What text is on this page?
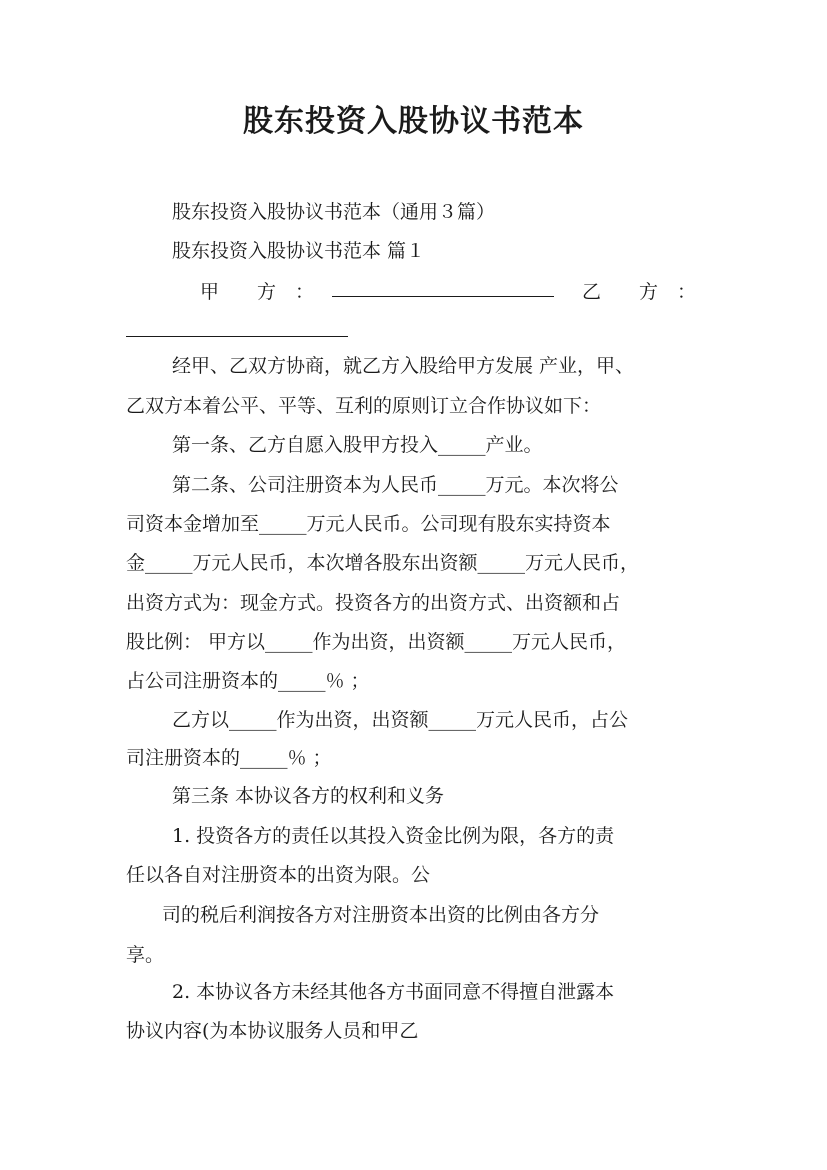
股东投资入股协议书范本
股东投资入股协议书范本（通用３篇）
股东投资入股协议书范本 篇１
甲　　方　：	乙　　方　：
经甲、乙双方协商，就乙方入股给甲方发展 产业，甲、
乙双方本着公平、平等、互利的原则订立合作协议如下：
第一条、乙方自愿入股甲方投入_____产业。
第二条、公司注册资本为人民币_____万元。本次将公
司资本金增加至_____万元人民币。公司现有股东实持资本
金_____万元人民币，本次增各股东出资额_____万元人民币，
出资方式为：现金方式。投资各方的出资方式、出资额和占
股比例： 甲方以_____作为出资，出资额_____万元人民币，
占公司注册资本的_____％ ；
乙方以_____作为出资，出资额_____万元人民币，占公
司注册资本的_____％ ；
第三条 本协议各方的权利和义务
1. 投资各方的责任以其投入资金比例为限，各方的责
任以各自对注册资本的出资为限。公
司的税后利润按各方对注册资本出资的比例由各方分
享。
2. 本协议各方未经其他各方书面同意不得擅自泄露本
协议内容(为本协议服务人员和甲乙
